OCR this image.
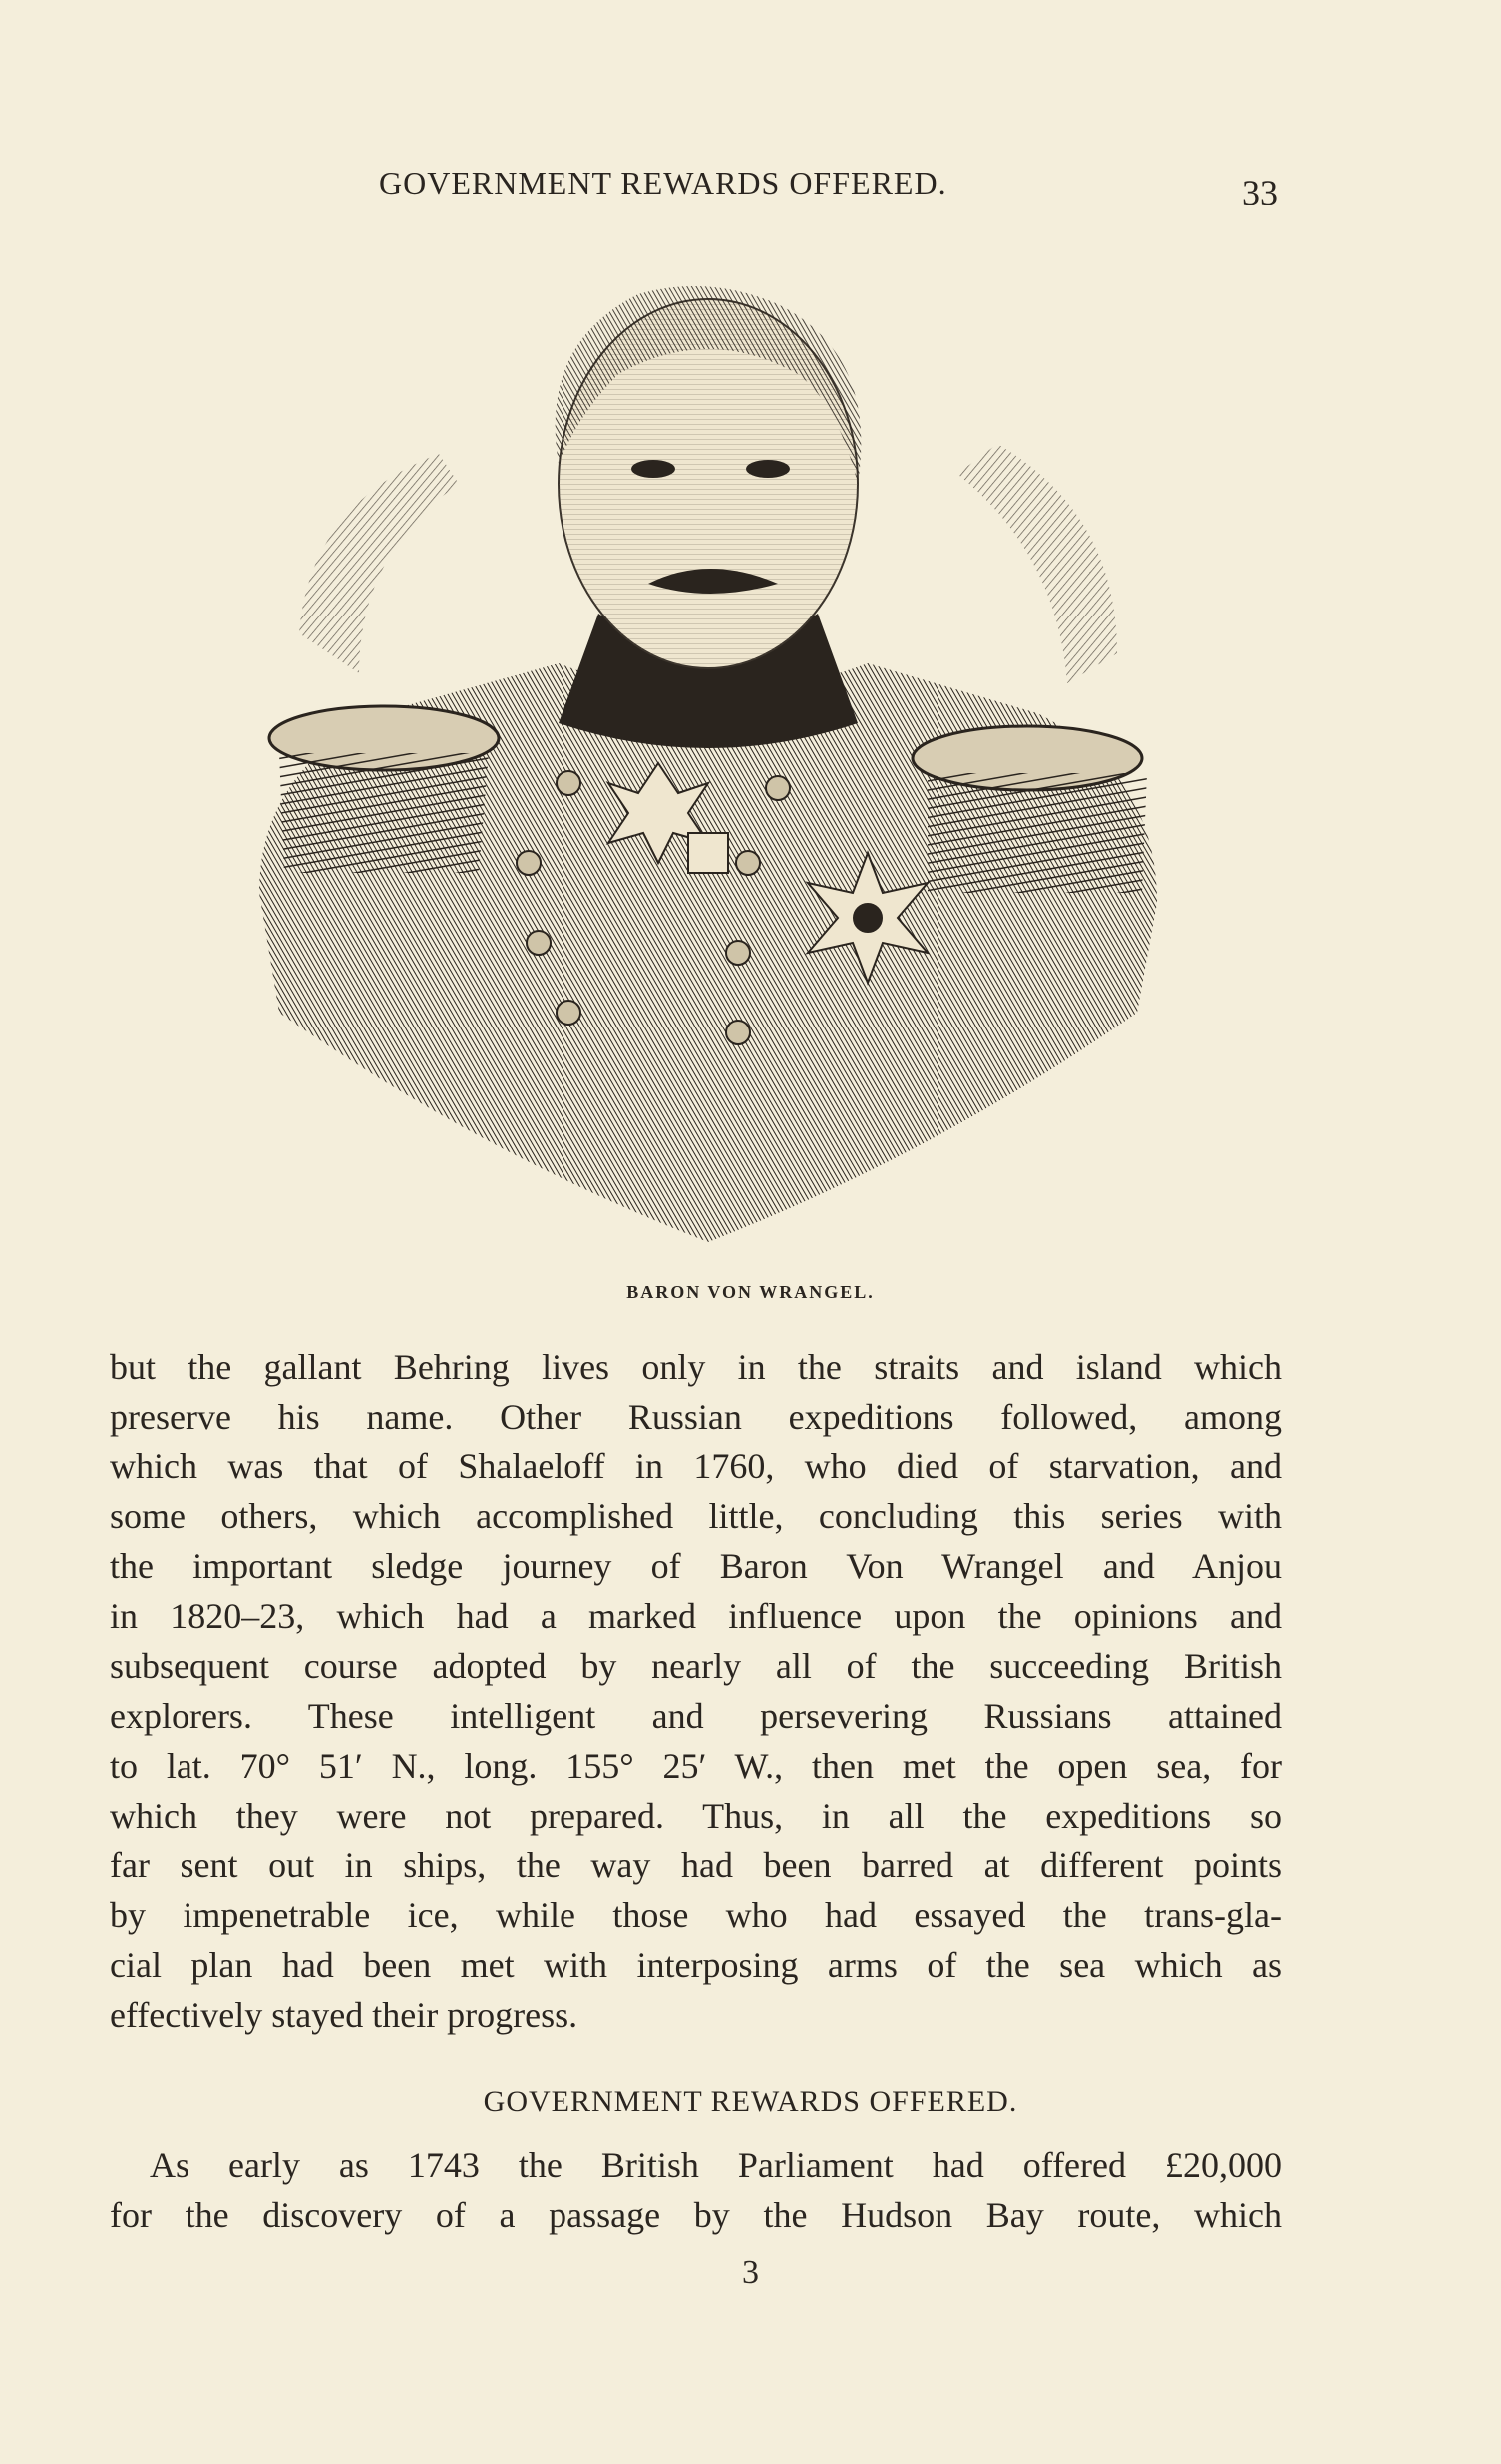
GOVERNMENT REWARDS OFFERED.	33
BARON VON WRANGEL.
but the gallant Behring lives only in the straits and island which
preserve his name. Other Russian expeditions followed, among
which was that of Shalaeloff in 1760, who died of starvation, and
some others, which accomplished little, concluding this series with
the important sledge journey of Baron Von Wrangel and Anjou
in 1820–23, which had a marked influence upon the opinions and
subsequent course adopted by nearly all of the succeeding British
explorers. These intelligent and persevering Russians attained
to lat. 70° 51′ N., long. 155° 25′ W., then met the open sea, for
which they were not prepared. Thus, in all the expeditions so
far sent out in ships, the way had been barred at different points
by impenetrable ice, while those who had essayed the trans-gla-
cial plan had been met with interposing arms of the sea which as
effectively stayed their progress.
GOVERNMENT REWARDS OFFERED.
As early as 1743 the British Parliament had offered £20,000
for the discovery of a passage by the Hudson Bay route, which
3
